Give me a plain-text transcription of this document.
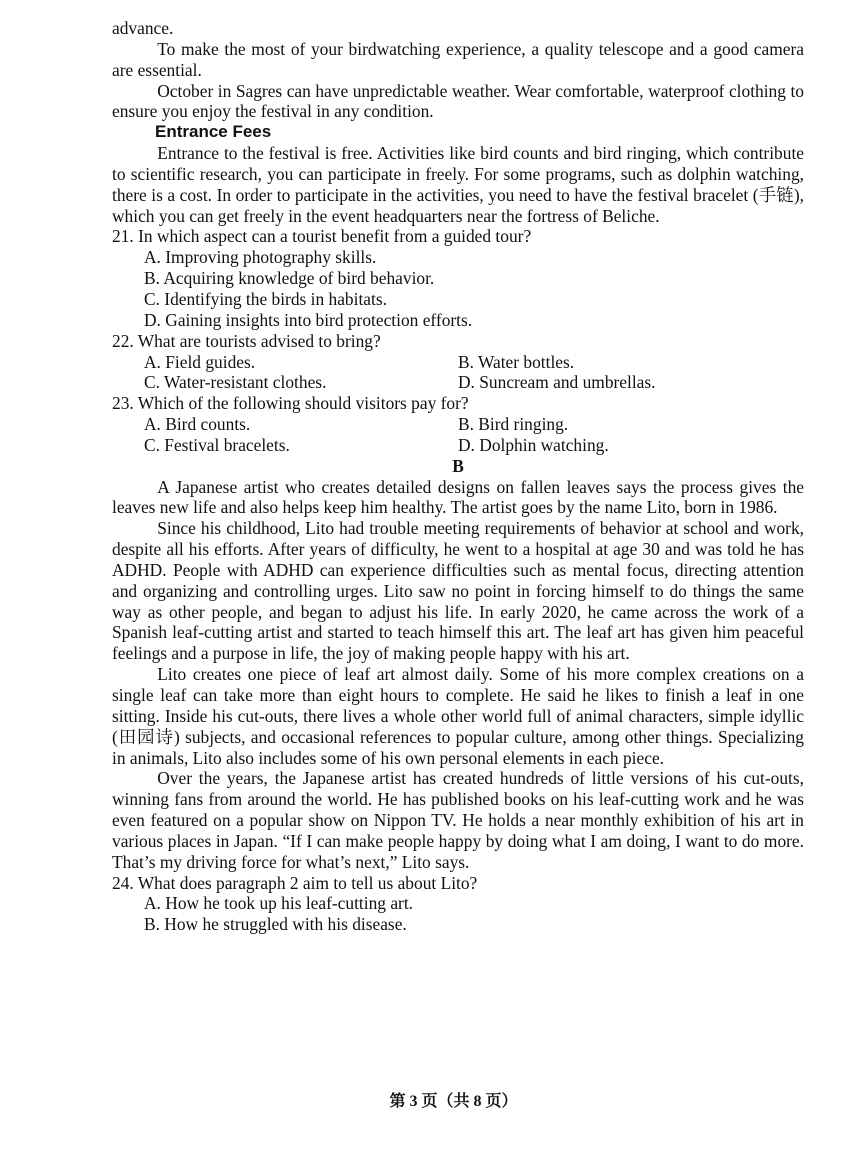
advance.

To make the most of your birdwatching experience, a quality telescope and a good camera are essential.

October in Sagres can have unpredictable weather. Wear comfortable, waterproof clothing to ensure you enjoy the festival in any condition.

Entrance Fees

Entrance to the festival is free. Activities like bird counts and bird ringing, which contribute to scientific research, you can participate in freely. For some programs, such as dolphin watching, there is a cost. In order to participate in the activities, you need to have the festival bracelet (手链), which you can get freely in the event headquarters near the fortress of Beliche.

21. In which aspect can a tourist benefit from a guided tour?

A. Improving photography skills.

B. Acquiring knowledge of bird behavior.

C. Identifying the birds in habitats.

D. Gaining insights into bird protection efforts.

22. What are tourists advised to bring?

A. Field guides.	B. Water bottles.

C. Water-resistant clothes.	D. Suncream and umbrellas.

23. Which of the following should visitors pay for?

A. Bird counts.	B. Bird ringing.

C. Festival bracelets.	D. Dolphin watching.

B

A Japanese artist who creates detailed designs on fallen leaves says the process gives the leaves new life and also helps keep him healthy. The artist goes by the name Lito, born in 1986.

Since his childhood, Lito had trouble meeting requirements of behavior at school and work, despite all his efforts. After years of difficulty, he went to a hospital at age 30 and was told he has ADHD. People with ADHD can experience difficulties such as mental focus, directing attention and organizing and controlling urges. Lito saw no point in forcing himself to do things the same way as other people, and began to adjust his life. In early 2020, he came across the work of a Spanish leaf-cutting artist and started to teach himself this art. The leaf art has given him peaceful feelings and a purpose in life, the joy of making people happy with his art.

Lito creates one piece of leaf art almost daily. Some of his more complex creations on a single leaf can take more than eight hours to complete. He said he likes to finish a leaf in one sitting. Inside his cut-outs, there lives a whole other world full of animal characters, simple idyllic (田园诗) subjects, and occasional references to popular culture, among other things. Specializing in animals, Lito also includes some of his own personal elements in each piece.

Over the years, the Japanese artist has created hundreds of little versions of his cut-outs, winning fans from around the world. He has published books on his leaf-cutting work and he was even featured on a popular show on Nippon TV. He holds a near monthly exhibition of his art in various places in Japan. “If I can make people happy by doing what I am doing, I want to do more. That’s my driving force for what’s next,” Lito says.

24. What does paragraph 2 aim to tell us about Lito?

A. How he took up his leaf-cutting art.

B. How he struggled with his disease.

第 3 页（共 8 页）
